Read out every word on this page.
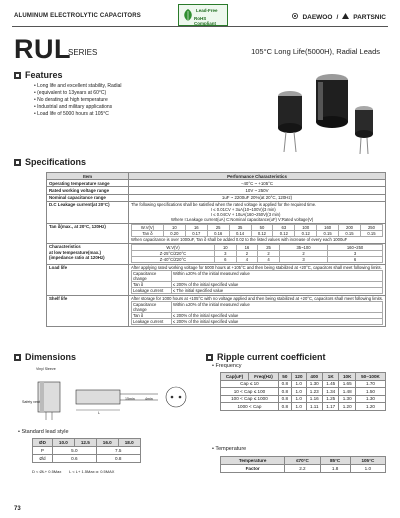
ALUMINUM ELECTROLYTIC CAPACITORS
Lead-Free
RoHS Compliant
DAEWOO / PARTSNIC
RUL
SERIES	105°C Long Life(5000H), Radial Leads
Features
• Long life and excellent stability, Radial
• (equivalent to 13years at 60°C)
• No derating at high temperature
• Industrial and military applications
• Load life of 5000 hours at 105°C
Specifications
Item	Performance Characteristics
Operating temperature range	−40°C ~ +105°C
Rated working voltage range	10V ~ 250V
Nominal capacitance range	1uF ~ 2200uF 20%(at 20°C, 120Hz)
D.C Leakage current(at 20°C)	The following specifications shall be satisfied when the rated voltage is applied for the required time.
I ≤ 0.01CV + 3uA(10~100V)(3 min)
I ≤ 0.04CV + 10uA(160~250V)(3 min)
Where I:Leakage current(uA) C:Nominal capacitance(uF) V:Rated voltage(V)

Tan δ(max., at 20°C, 120Hz)		W.V(V)	10	16	25	35	50	63	100	160	200	250
Tan δ	0.20	0.17	0.16	0.14	0.12	0.12	0.12	0.15	0.15	0.15
When capacitance is over 1000uF, Tan δ shall be added 0.02 to the listed values with increase of every each 1000uF

Characteristics
at low temperature(max.)
(impedance ratio at 120Hz)

W.V(V)	10	16	25	35~100	160~250
Z-25°C/Z20°C	3	2	2	2	3
Z-40°C/Z20°C	6	4	4	3	6

Load life	After applying rated working voltage for 5000 hours at +105°C and then being stabilized at +20°C, capacitors shall meet following limits.
Capacitance change	Within ±20% of the initial measured value
Tan δ	≤ 200% of the initial specified value
Leakage current	≤ The initial specified value

Shelf life	After storage for 1000 hours at +105°C with no voltage applied and then being stabilized at +20°C, capacitors shall meet following limits.
Capacitance change	Within ±20% of the initial measured value
Tan δ	≤ 200% of the initial specified value
Leakage current	≤ 200% of the initial specified value
Dimensions
Vinyl Sleeve
Safety vent
L
15min	4min
• Standard lead style
ØD	10.0	12.5	16.0	18.0
P	5.0		7.5	
Ød	0.6		0.8	
D < ØL+ 0.5Max L < L+ 1.5Max α: 0.5MAX
Ripple current coefficient
• Frequency
Cap(uF)	Freq(Hz)	50	120	400	1K	10K	50~100K
Cap ≤ 10		0.8	1.0	1.30	1.45	1.65	1.70
10 < Cap ≤ 100		0.8	1.0	1.23	1.34	1.48	1.50
100 < Cap ≤ 1000		0.8	1.0	1.16	1.25	1.30	1.30
1000 < Cap		0.8	1.0	1.11	1.17	1.20	1.20
• Temperature
Temperature	≤70°C	85°C	105°C
Factor	2.2	1.8	1.0
73
